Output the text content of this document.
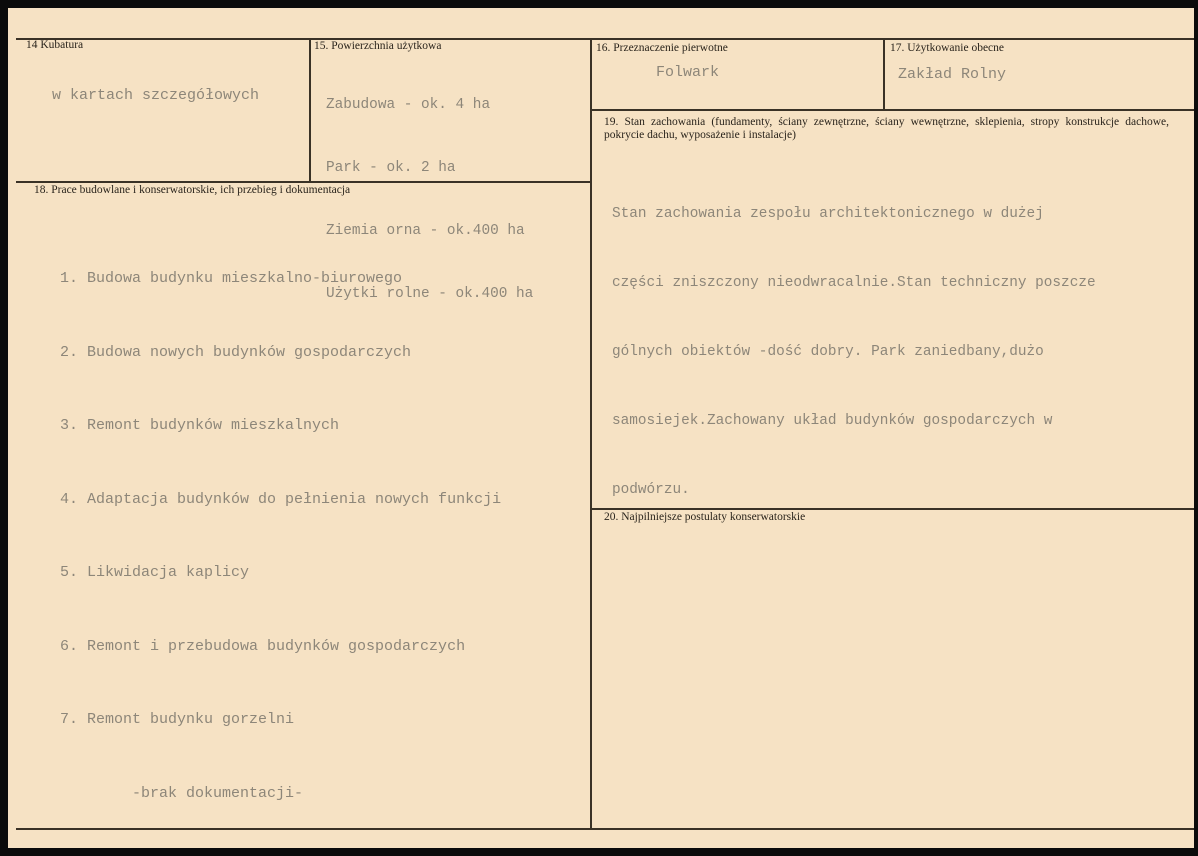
14 Kubatura
w kartach szczegółowych
15. Powierzchnia użytkowa

Zabudowa - ok. 4 ha

Park - ok. 2 ha

Ziemia orna - ok.400 ha

Użytki rolne - ok.400 ha

16. Przeznaczenie pierwotne
Folwark
17. Użytkowanie obecne
Zakład Rolny
18. Prace budowlane i konserwatorskie, ich przebieg i dokumentacja

1. Budowa budynku mieszkalno-biurowego

2. Budowa nowych budynków gospodarczych

3. Remont budynków mieszkalnych

4. Adaptacja budynków do pełnienia nowych funkcji

5. Likwidacja kaplicy

6. Remont i przebudowa budynków gospodarczych

7. Remont budynku gorzelni

-brak dokumentacji-

19. Stan zachowania (fundamenty, ściany zewnętrzne, ściany wewnętrzne, sklepienia, stropy konstrukcje dachowe, pokrycie dachu, wyposażenie i instalacje)

Stan zachowania zespołu architektonicznego w dużej

części zniszczony nieodwracalnie.Stan techniczny poszcze

gólnych obiektów -dość dobry. Park zaniedbany,dużo

samosiejek.Zachowany układ budynków gospodarczych w

podwórzu.

20. Najpilniejsze postulaty konserwatorskie
